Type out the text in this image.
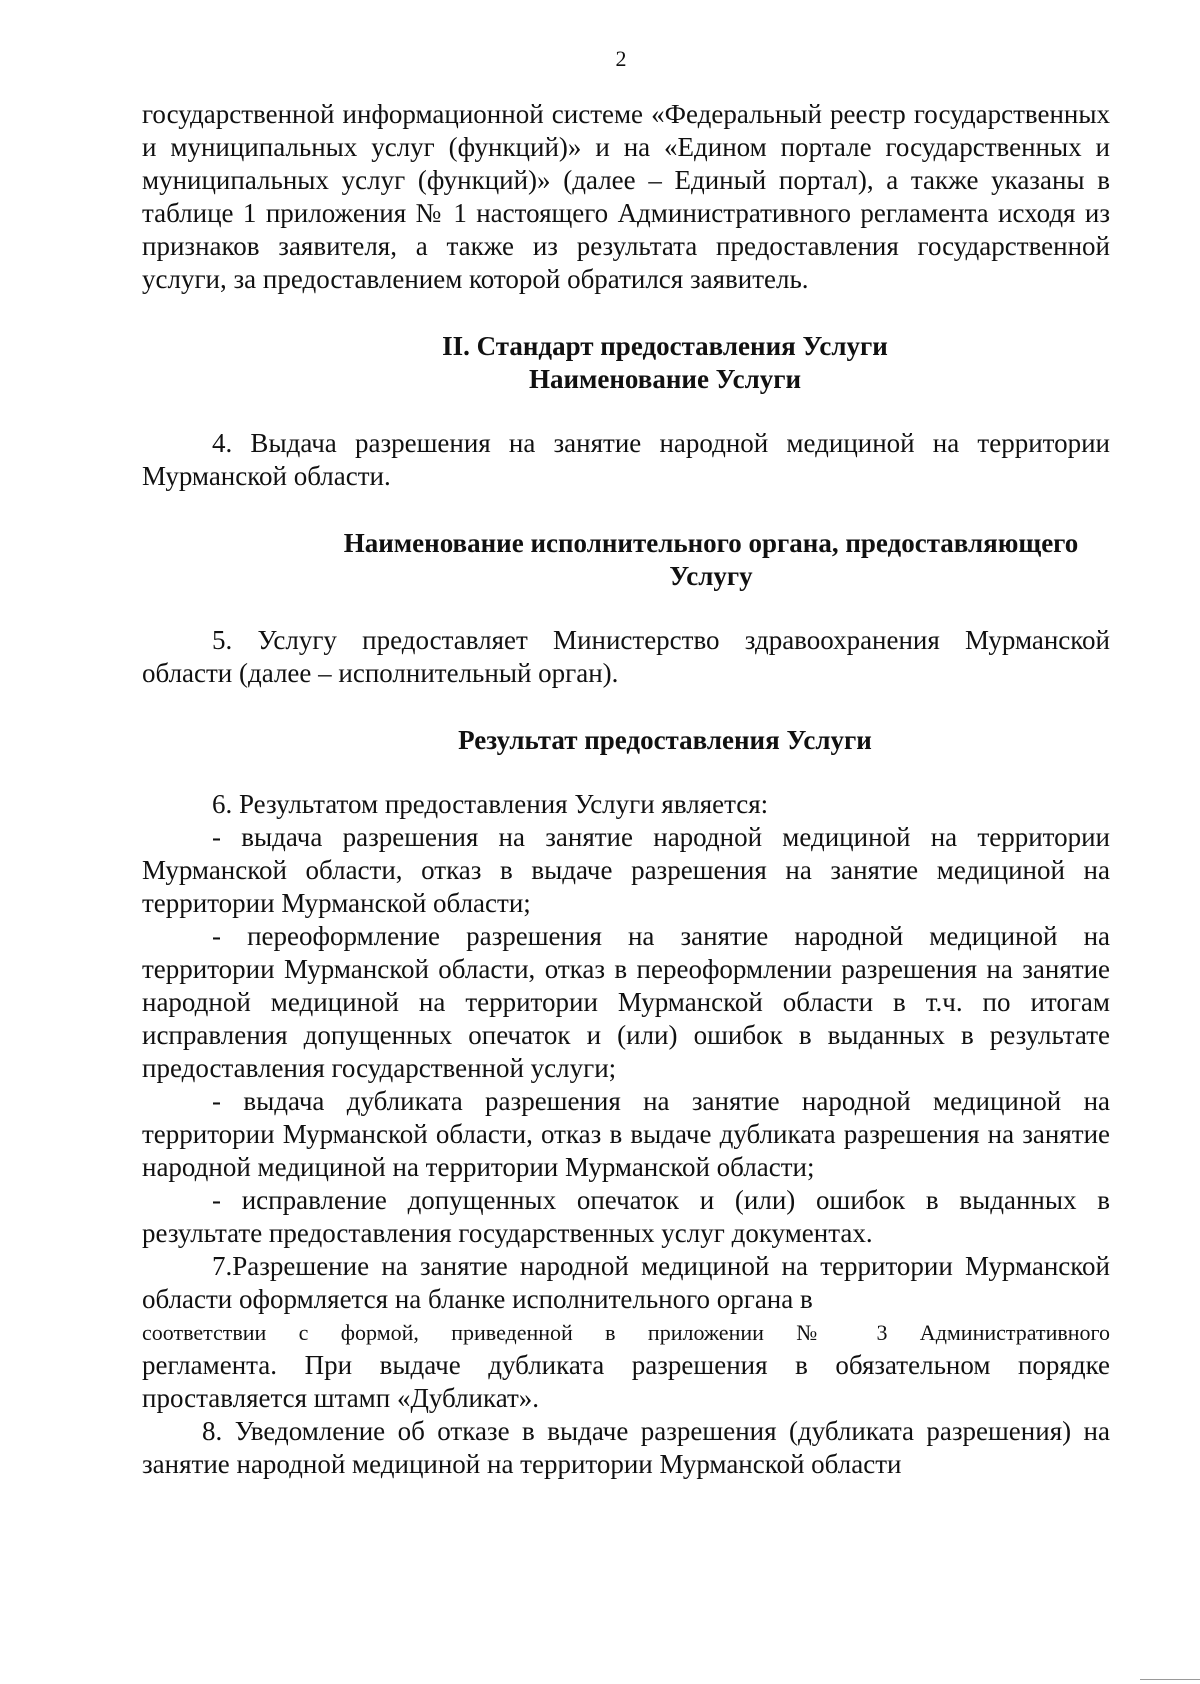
2

государственной информационной системе «Федеральный реестр государственных и муниципальных услуг (функций)» и на «Едином портале государственных и муниципальных услуг (функций)» (далее – Единый портал), а также указаны в таблице 1 приложения № 1 настоящего Административного регламента исходя из признаков заявителя, а также из результата предоставления государственной услуги, за предоставлением которой обратился заявитель.

II. Стандарт предоставления Услуги

Наименование Услуги

4. Выдача разрешения на занятие народной медициной на территории Мурманской области.

Наименование исполнительного органа, предоставляющего

Услугу

5. Услугу предоставляет Министерство здравоохранения Мурманской области (далее – исполнительный орган).

Результат предоставления Услуги

6. Результатом предоставления Услуги является:

- выдача разрешения на занятие народной медициной на территории Мурманской области, отказ в выдаче разрешения на занятие медициной на территории Мурманской области;

- переоформление разрешения на занятие народной медициной на территории Мурманской области, отказ в переоформлении разрешения на занятие народной медициной на территории Мурманской области в т.ч. по итогам исправления допущенных опечаток и (или) ошибок в выданных в результате предоставления государственной услуги;

- выдача дубликата разрешения на занятие народной медициной на территории Мурманской области, отказ в выдаче дубликата разрешения на занятие народной медициной на территории Мурманской области;

- исправление допущенных опечаток и (или) ошибок в выданных в результате предоставления государственных услуг документах.

7.Разрешение на занятие народной медициной на территории Мурманской области оформляется на бланке исполнительного органа в

соответствии с формой, приведенной в приложении № 3 Административного

регламента. При выдаче дубликата разрешения в обязательном порядке проставляется штамп «Дубликат».

8. Уведомление об отказе в выдаче разрешения (дубликата разрешения) на занятие народной медициной на территории Мурманской области
